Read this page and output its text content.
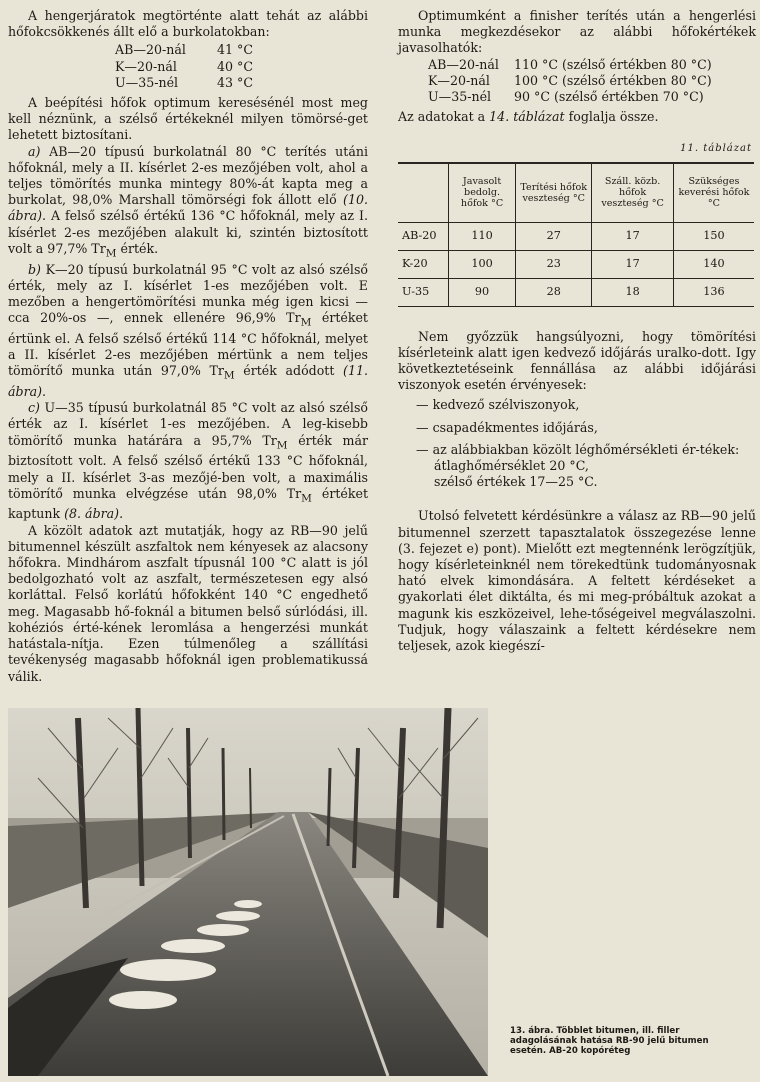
A hengerjáratok megtörténte alatt tehát az alábbi hőfokcsökkenés állt elő a burkolatokban:

AB—20-nál	41 °C
K—20-nál	40 °C
U—35-nél	43 °C

A beépítési hőfok optimum keresésénél most meg kell néznünk, a szélső értékeknél milyen tömörsé-get lehetett biztosítani.

a) AB—20 típusú burkolatnál 80 °C terítés utáni hőfoknál, mely a II. kísérlet 2-es mezőjében volt, ahol a teljes tömörítés munka mintegy 80%-át kapta meg a burkolat, 98,0% Marshall tömörségi fok állott elő (10. ábra). A felső szélső értékű 136 °C hőfoknál, mely az I. kísérlet 2-es mezőjében alakult ki, szintén biztosított volt a 97,7% $Tr_M$ érték.

b) K—20 típusú burkolatnál 95 °C volt az alsó szélső érték, mely az I. kísérlet 1-es mezőjében volt. E mezőben a hengertömörítési munka még igen kicsi — cca 20%-os —, ennek ellenére 96,9% $Tr_M$ értéket értünk el. A felső szélső értékű 114 °C hőfoknál, melyet a II. kísérlet 2-es mezőjében mértünk a nem teljes tömörítő munka után 97,0% $Tr_M$ érték adódott (11. ábra).

c) U—35 típusú burkolatnál 85 °C volt az alsó szélső érték az I. kísérlet 1-es mezőjében. A leg-kisebb tömörítő munka határára a 95,7% $Tr_M$ érték már biztosított volt. A felső szélső értékű 133 °C hőfoknál, mely a II. kísérlet 3-as mezőjé-ben volt, a maximális tömörítő munka elvégzése után 98,0% $Tr_M$ értéket kaptunk (8. ábra).

A közölt adatok azt mutatják, hogy az RB—90 jelű bitumennel készült aszfaltok nem kényesek az alacsony hőfokra. Mindhárom aszfalt típusnál 100 °C alatt is jól bedolgozható volt az aszfalt, természetesen egy alsó korláttal. Felső korlátú hőfokként 140 °C engedhető meg. Magasabb hő-foknál a bitumen belső súrlódási, ill. kohéziós érté-kének leromlása a hengerzési munkát hatástala-nítja. Ezen túlmenőleg a szállítási tevékenység magasabb hőfoknál igen problematikussá válik.

Optimumként a finisher terítés után a hengerlési munka megkezdésekor az alábbi hőfokértékek javasolhatók:

AB—20-nál	110 °C (szélső értékben 80 °C)
K—20-nál	100 °C (szélső értékben 80 °C)
U—35-nél	90 °C (szélső értékben 70 °C)

Az adatokat a 14. táblázat foglalja össze.

11. táblázat
	Javasolt bedolg. hőfok °C	Terítési hőfok veszteség °C	Száll. közb. hőfok veszteség °C	Szükséges keverési hőfok °C
AB-20	110	27	17	150
K-20	100	23	17	140
U-35	90	28	18	136

Nem győzzük hangsúlyozni, hogy tömörítési kísérleteink alatt igen kedvező időjárás uralko-dott. Igy következtetéseink fennállása az alábbi időjárási viszonyok esetén érvényesek:

— kedvező szélviszonyok,

— csapadékmentes időjárás,

— az alábbiakban közölt léghőmérsékleti ér-tékek:

átlaghőmérséklet 20 °C,

szélső értékek 17—25 °C.

Utolsó felvetett kérdésünkre a válasz az RB—90 jelű bitumennel szerzett tapasztalatok összegezése lenne (3. fejezet e) pont). Mielőtt ezt megtennénk lerögzítjük, hogy kísérleteinknél nem törekedtünk tudományosnak ható elvek kimondására. A feltett kérdéseket a gyakorlati élet diktálta, és mi meg-próbáltuk azokat a magunk kis eszközeivel, lehe-tőségeivel megválaszolni. Tudjuk, hogy válaszaink a feltett kérdésekre nem teljesek, azok kiegészí-

13. ábra. Többlet bitumen, ill. filler adagolásának hatása RB-90 jelű bitumen esetén. AB-20 kopóréteg
